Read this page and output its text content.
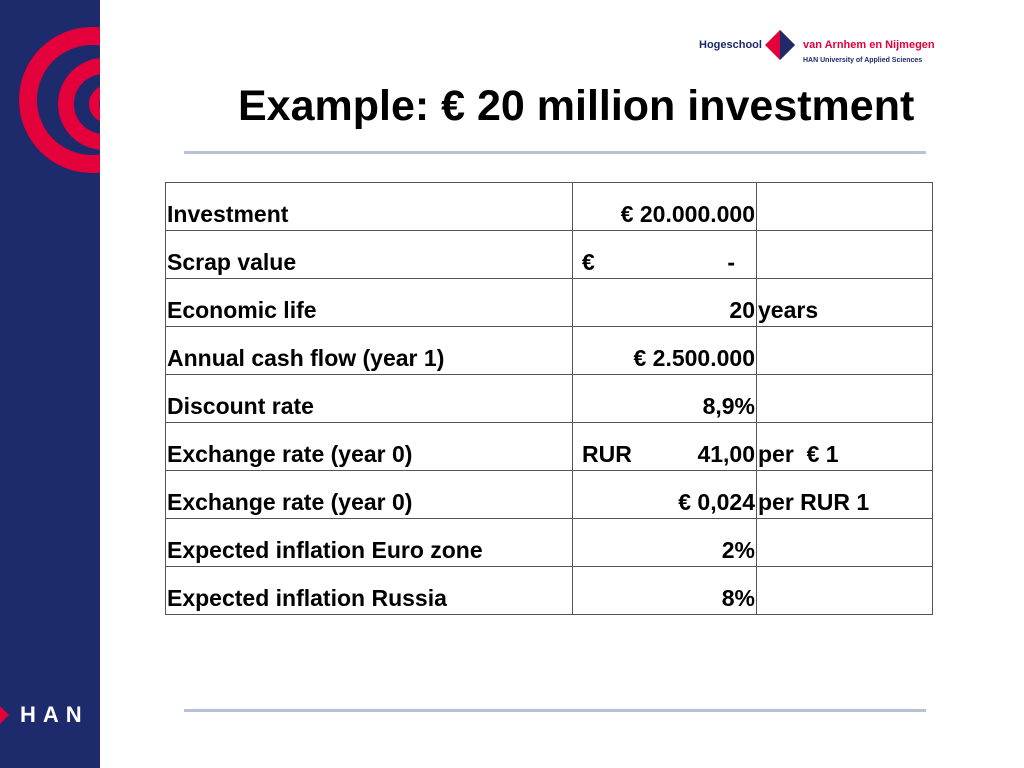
HAN
Hogeschool	van Arnhem en Nijmegen
HAN University of Applied Sciences
Example: € 20 million investment
Investment	€ 20.000.000	
Scrap value	€ -	

Economic life	20	years
Annual cash flow (year 1)	€ 2.500.000	
Discount rate	8,9%	
Exchange rate (year 0)	RUR 41,00	per  € 1
Exchange rate (year 0)	€ 0,024	per RUR 1
Expected inflation Euro zone	2%	
Expected inflation Russia	8%	
